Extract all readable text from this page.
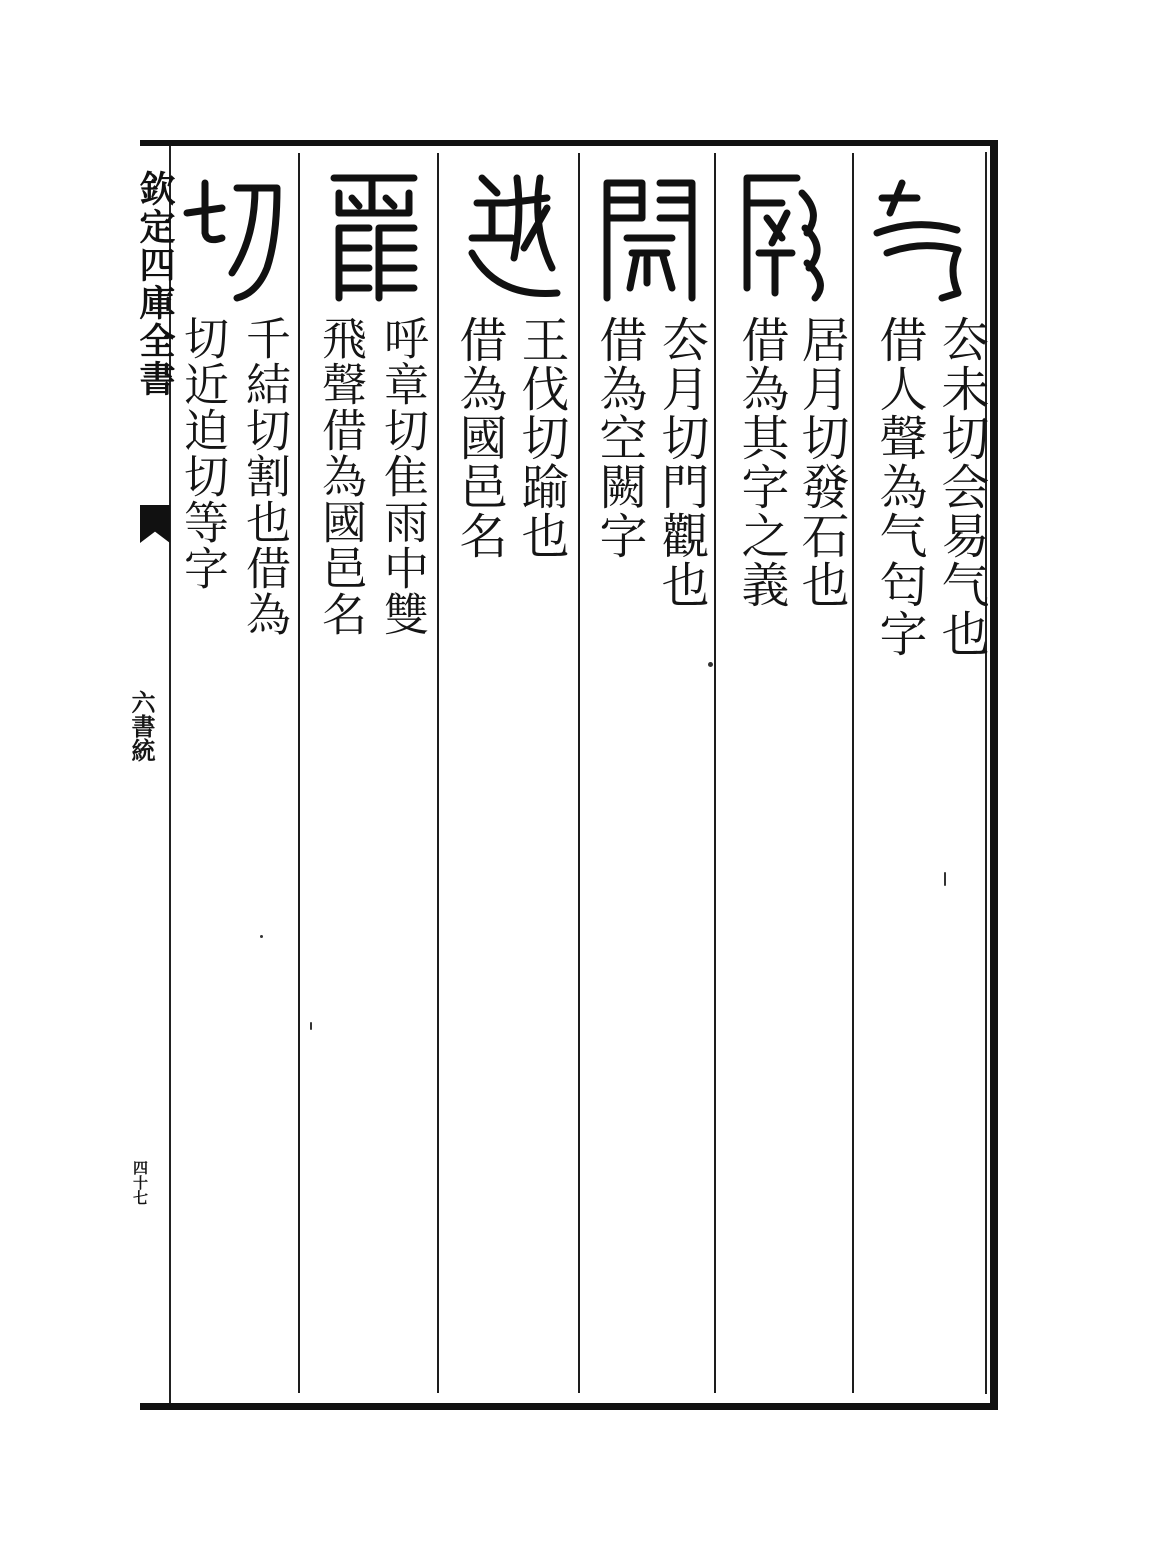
欽定四庫全書
六書統
四十七
厺未切会易气也
借人聲為气匄字
居月切發石也
借為其字之義
厺月切門觀也
借為空闕字
王伐切踰也
借為國邑名
呼章切隹雨中雙
飛聲借為國邑名
千結切割也借為
切近迫切等字
